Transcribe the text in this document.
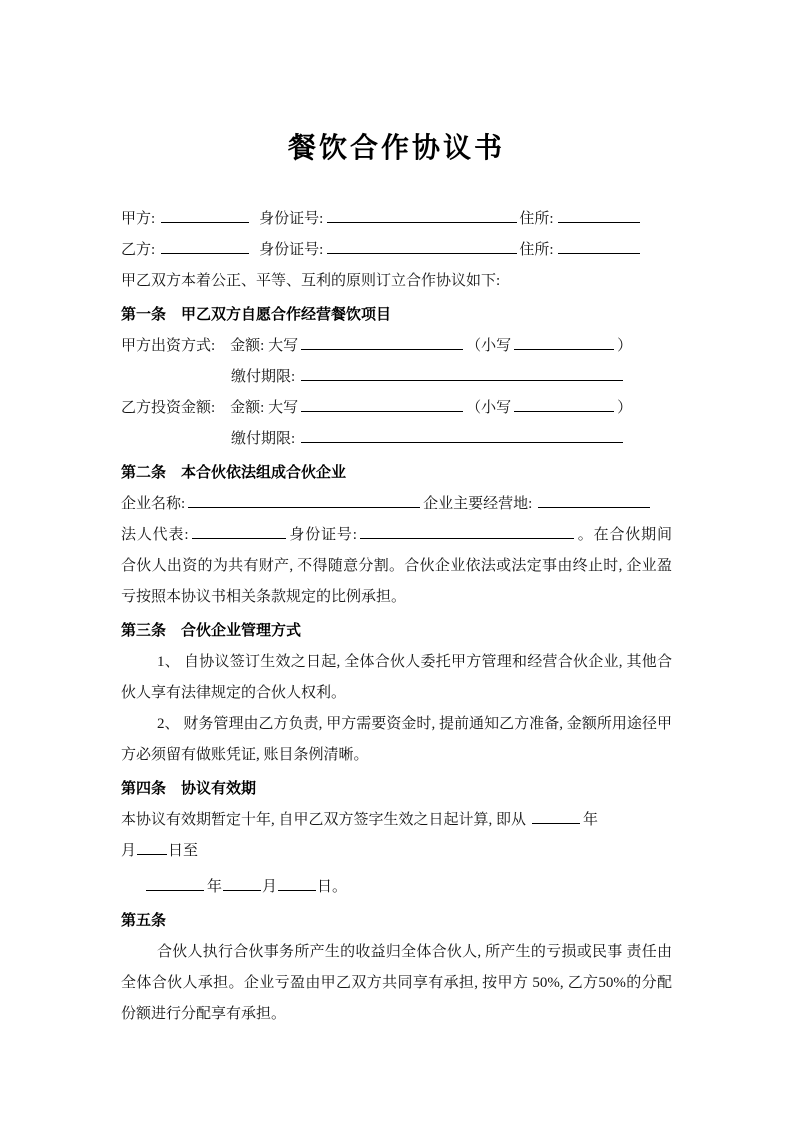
餐饮合作协议书
甲方:	身份证号:	住所:
乙方:	身份证号:	住所:
甲乙双方本着公正、平等、互利的原则订立合作协议如下:
第一条　甲乙双方自愿合作经营餐饮项目
甲方出资方式:　金额: 大写	（小写	）
缴付期限:
乙方投资金额:　金额: 大写	（小写	）
缴付期限:
第二条　本合伙依法组成合伙企业
企业名称:	企业主要经营地:
法人代表:	身份证号:	。在合伙期间合伙人出资的为共有财产, 不得随意分割。合伙企业依法或法定事由终止时, 企业盈亏按照本协议书相关条款规定的比例承担。
第三条　合伙企业管理方式
1、 自协议签订生效之日起, 全体合伙人委托甲方管理和经营合伙企业, 其他合伙人享有法律规定的合伙人权利。
2、 财务管理由乙方负责, 甲方需要资金时, 提前通知乙方准备, 金额所用途径甲方必须留有做账凭证, 账目条例清晰。
第四条　协议有效期
本协议有效期暂定十年, 自甲乙双方签字生效之日起计算, 即从	年
月 日至
年	月	日。
第五条
合伙人执行合伙事务所产生的收益归全体合伙人, 所产生的亏损或民事 责任由全体合伙人承担。企业亏盈由甲乙双方共同享有承担, 按甲方 50%, 乙方50%的分配份额进行分配享有承担。
